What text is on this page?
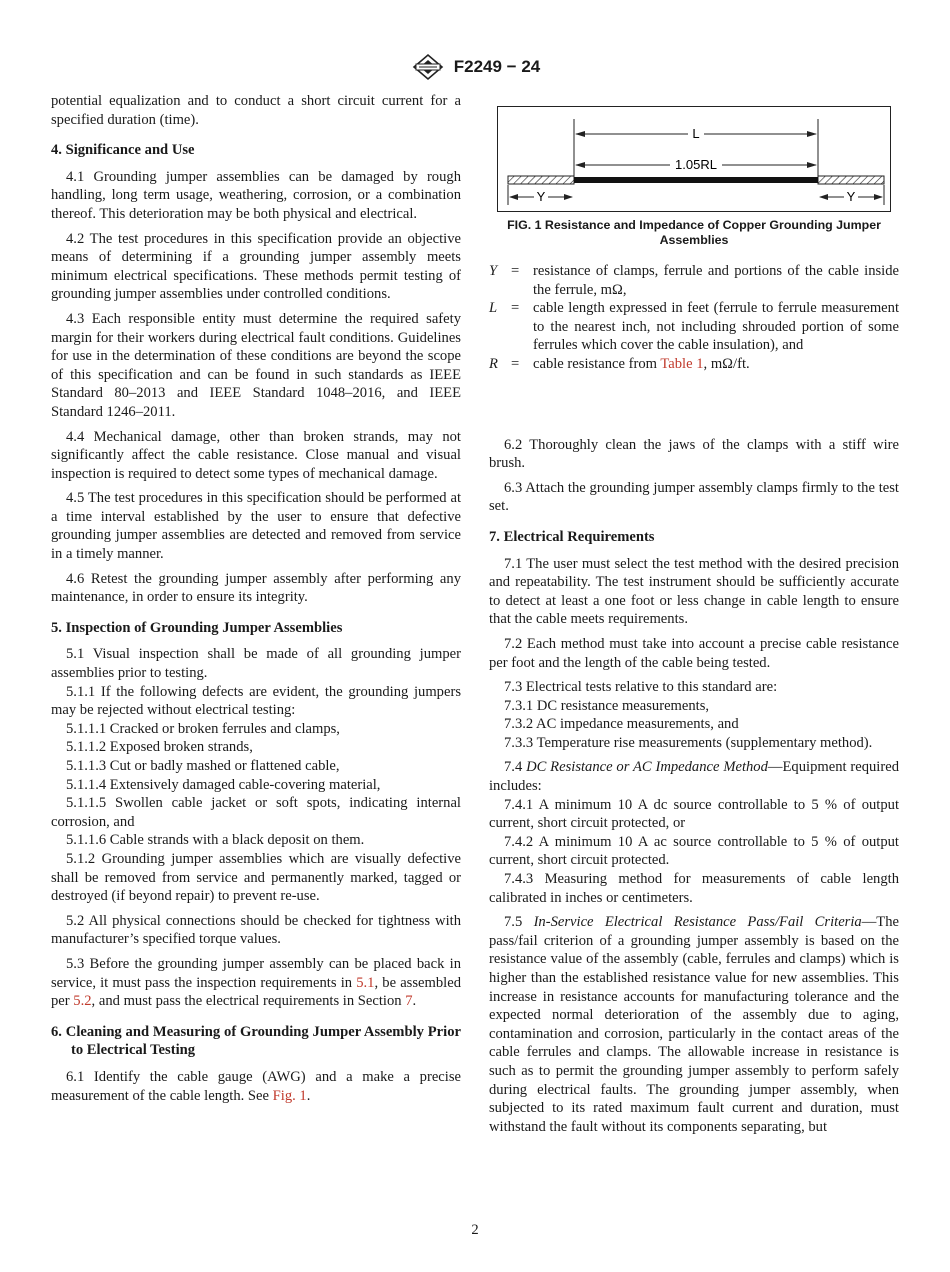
F2249 − 24

potential equalization and to conduct a short circuit current for a specified duration (time).

4. Significance and Use

4.1 Grounding jumper assemblies can be damaged by rough handling, long term usage, weathering, corrosion, or a combination thereof. This deterioration may be both physical and electrical.

4.2 The test procedures in this specification provide an objective means of determining if a grounding jumper assembly meets minimum electrical specifications. These methods permit testing of grounding jumper assemblies under controlled conditions.

4.3 Each responsible entity must determine the required safety margin for their workers during electrical fault conditions. Guidelines for use in the determination of these conditions are beyond the scope of this specification and can be found in such standards as IEEE Standard 80–2013 and IEEE Standard 1048–2016, and IEEE Standard 1246–2011.

4.4 Mechanical damage, other than broken strands, may not significantly affect the cable resistance. Close manual and visual inspection is required to detect some types of mechanical damage.

4.5 The test procedures in this specification should be performed at a time interval established by the user to ensure that defective grounding jumper assemblies are detected and removed from service in a timely manner.

4.6 Retest the grounding jumper assembly after performing any maintenance, in order to ensure its integrity.

5. Inspection of Grounding Jumper Assemblies

5.1 Visual inspection shall be made of all grounding jumper assemblies prior to testing.

5.1.1 If the following defects are evident, the grounding jumpers may be rejected without electrical testing:

5.1.1.1 Cracked or broken ferrules and clamps,

5.1.1.2 Exposed broken strands,

5.1.1.3 Cut or badly mashed or flattened cable,

5.1.1.4 Extensively damaged cable-covering material,

5.1.1.5 Swollen cable jacket or soft spots, indicating internal corrosion, and

5.1.1.6 Cable strands with a black deposit on them.

5.1.2 Grounding jumper assemblies which are visually defective shall be removed from service and permanently marked, tagged or destroyed (if beyond repair) to prevent re-use.

5.2 All physical connections should be checked for tightness with manufacturer’s specified torque values.

5.3 Before the grounding jumper assembly can be placed back in service, it must pass the inspection requirements in 5.1, be assembled per 5.2, and must pass the electrical requirements in Section 7.

6. Cleaning and Measuring of Grounding Jumper Assembly Prior to Electrical Testing

6.1 Identify the cable gauge (AWG) and a make a precise measurement of the cable length. See Fig. 1.

L
1.05RL
Y	Y

FIG. 1 Resistance and Impedance of Copper Grounding Jumper Assemblies

Y = resistance of clamps, ferrule and portions of the cable inside the ferrule, mΩ,
L = cable length expressed in feet (ferrule to ferrule measurement to the nearest inch, not including shrouded portion of some ferrules which cover the cable insulation), and
R = cable resistance from Table 1, mΩ/ft.

6.2 Thoroughly clean the jaws of the clamps with a stiff wire brush.

6.3 Attach the grounding jumper assembly clamps firmly to the test set.

7. Electrical Requirements

7.1 The user must select the test method with the desired precision and repeatability. The test instrument should be sufficiently accurate to detect at least a one foot or less change in cable length to ensure that the cable meets requirements.

7.2 Each method must take into account a precise cable resistance per foot and the length of the cable being tested.

7.3 Electrical tests relative to this standard are:

7.3.1 DC resistance measurements,

7.3.2 AC impedance measurements, and

7.3.3 Temperature rise measurements (supplementary method).

7.4 DC Resistance or AC Impedance Method—Equipment required includes:

7.4.1 A minimum 10 A dc source controllable to 5 % of output current, short circuit protected, or

7.4.2 A minimum 10 A ac source controllable to 5 % of output current, short circuit protected.

7.4.3 Measuring method for measurements of cable length calibrated in inches or centimeters.

7.5 In-Service Electrical Resistance Pass/Fail Criteria—The pass/fail criterion of a grounding jumper assembly is based on the resistance value of the assembly (cable, ferrules and clamps) which is higher than the established resistance value for new assemblies. This increase in resistance accounts for manufacturing tolerance and the expected normal deterioration of the assembly due to aging, contamination and corrosion, particularly in the contact areas of the cable ferrules and clamps. The allowable increase in resistance is such as to permit the grounding jumper assembly to perform safely during electrical faults. The grounding jumper assembly, when subjected to its rated maximum fault current and duration, must withstand the fault without its components separating, but

2
